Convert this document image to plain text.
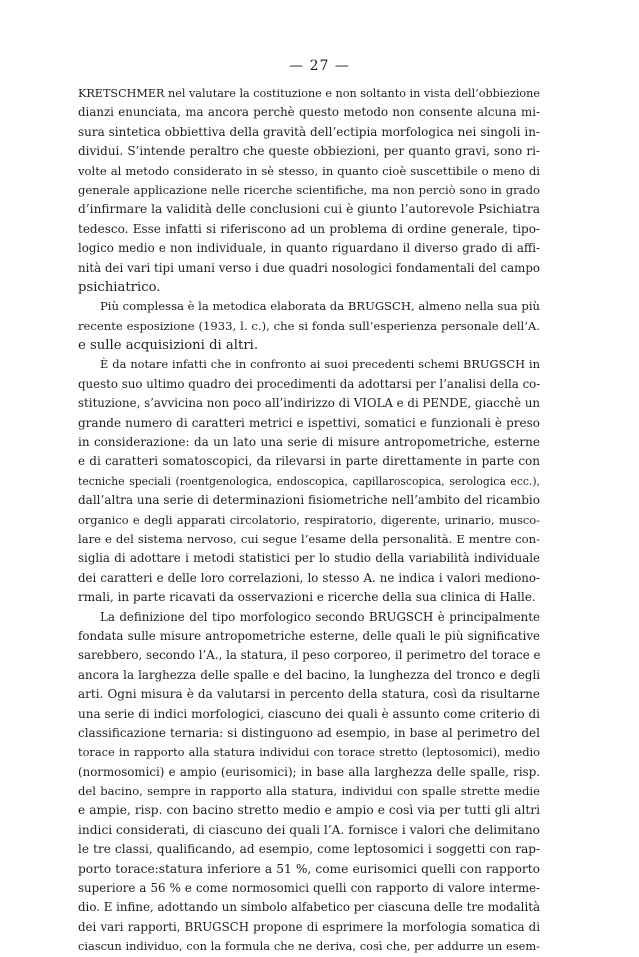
— 27 —
KRETSCHMER nel valutare la costituzione e non soltanto in vista dell’obbiezione
dianzi enunciata, ma ancora perchè questo metodo non consente alcuna mi-
sura sintetica obbiettiva della gravità dell’ectipia morfologica nei singoli in-
dividui. S’intende peraltro che queste obbiezioni, per quanto gravi, sono ri-
volte al metodo considerato in sè stesso, in quanto cioè suscettibile o meno di
generale applicazione nelle ricerche scientifiche, ma non perciò sono in grado
d’infirmare la validità delle conclusioni cui è giunto l’autorevole Psichiatra
tedesco. Esse infatti si riferiscono ad un problema di ordine generale, tipo-
logico medio e non individuale, in quanto riguardano il diverso grado di affi-
nità dei vari tipi umani verso i due quadri nosologici fondamentali del campo
psichiatrico.
Più complessa è la metodica elaborata da BRUGSCH, almeno nella sua più
recente esposizione (1933, l. c.), che si fonda sull’esperienza personale dell’A.
e sulle acquisizioni di altri.
È da notare infatti che in confronto ai suoi precedenti schemi BRUGSCH in
questo suo ultimo quadro dei procedimenti da adottarsi per l’analisi della co-
stituzione, s’avvicina non poco all’indirizzo di VIOLA e di PENDE, giacchè un
grande numero di caratteri metrici e ispettivi, somatici e funzionali è preso
in considerazione: da un lato una serie di misure antropometriche, esterne
e di caratteri somatoscopici, da rilevarsi in parte direttamente in parte con
tecniche speciali (roentgenologica, endoscopica, capillaroscopica, serologica ecc.),
dall’altra una serie di determinazioni fisiometriche nell’ambito del ricambio
organico e degli apparati circolatorio, respiratorio, digerente, urinario, musco-
lare e del sistema nervoso, cui segue l’esame della personalità. E mentre con-
siglia di adottare i metodi statistici per lo studio della variabilità individuale
dei caratteri e delle loro correlazioni, lo stesso A. ne indica i valori mediono-
rmali, in parte ricavati da osservazioni e ricerche della sua clinica di Halle.
La definizione del tipo morfologico secondo BRUGSCH è principalmente
fondata sulle misure antropometriche esterne, delle quali le più significative
sarebbero, secondo l’A., la statura, il peso corporeo, il perimetro del torace e
ancora la larghezza delle spalle e del bacino, la lunghezza del tronco e degli
arti. Ogni misura è da valutarsi in percento della statura, così da risultarne
una serie di indici morfologici, ciascuno dei quali è assunto come criterio di
classificazione ternaria: si distinguono ad esempio, in base al perimetro del
torace in rapporto alla statura individui con torace stretto (leptosomici), medio
(normosomici) e ampio (eurisomici); in base alla larghezza delle spalle, risp.
del bacino, sempre in rapporto alla statura, individui con spalle strette medie
e ampie, risp. con bacino stretto medio e ampio e così via per tutti gli altri
indici considerati, di ciascuno dei quali l’A. fornisce i valori che delimitano
le tre classi, qualificando, ad esempio, come leptosomici i soggetti con rap-
porto torace:statura inferiore a 51 %, come eurisomici quelli con rapporto
superiore a 56 % e come normosomici quelli con rapporto di valore interme-
dio. E infine, adottando un simbolo alfabetico per ciascuna delle tre modalità
dei vari rapporti, BRUGSCH propone di esprimere la morfologia somatica di
ciascun individuo, con la formula che ne deriva, così che, per addurre un esem-
